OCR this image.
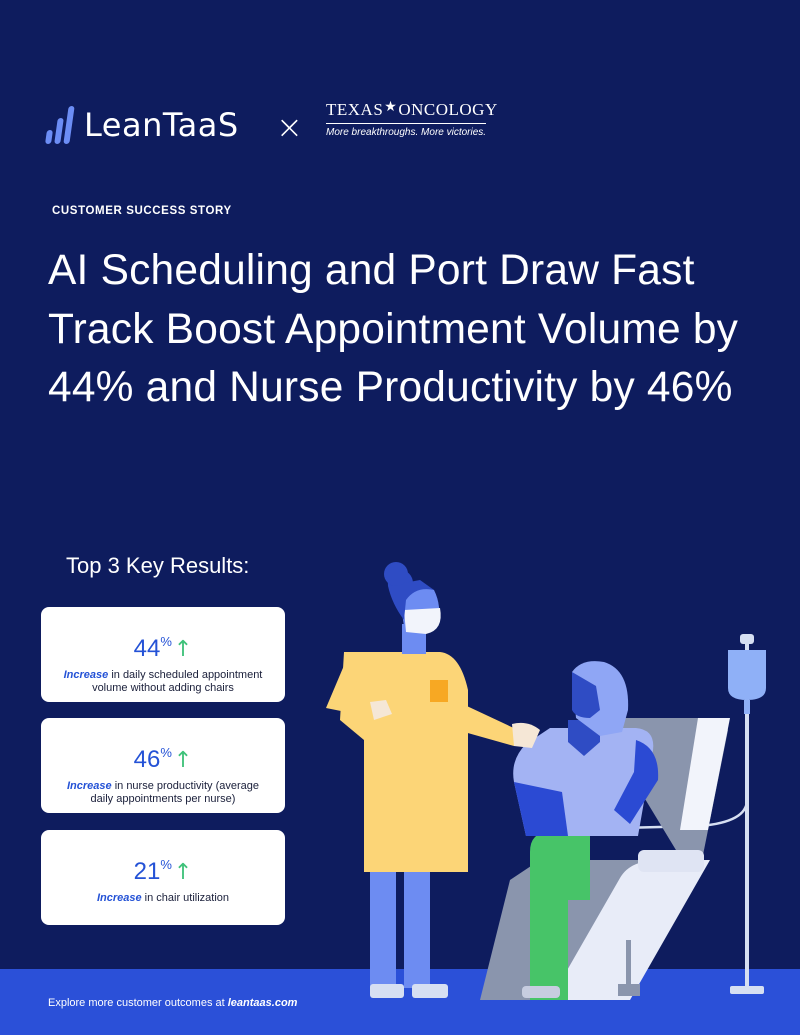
LeanTaaS × TEXAS★ONCOLOGY
More breakthroughs. More victories.
CUSTOMER SUCCESS STORY
AI Scheduling and Port Draw Fast Track Boost Appointment Volume by 44% and Nurse Productivity by 46%
Top 3 Key Results:
44%↑
Increase in daily scheduled appointment volume without adding chairs
46%↑
Increase in nurse productivity (average daily appointments per nurse)
21%↑
Increase in chair utilization
Explore more customer outcomes at leantaas.com
